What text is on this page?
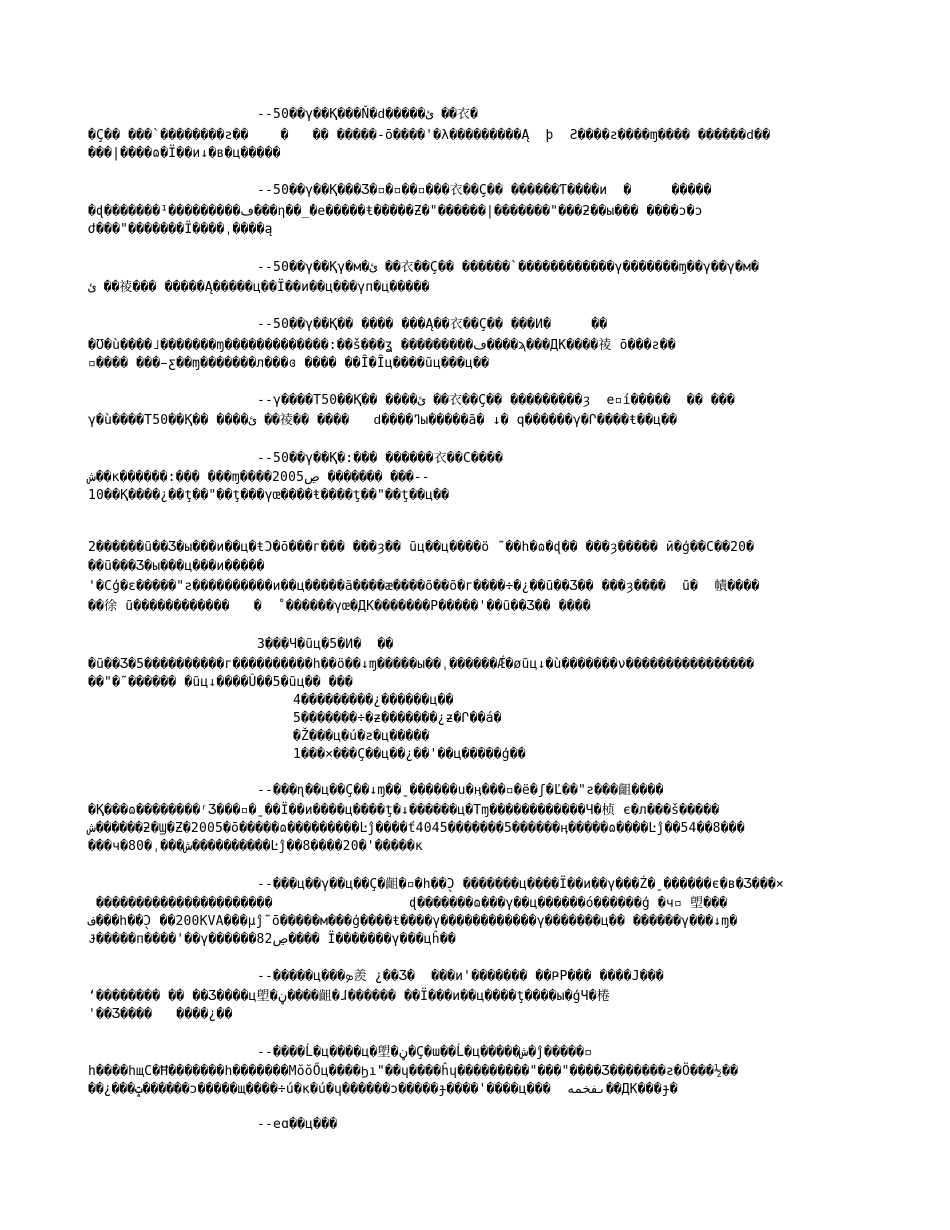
--50��γ��Қ���Ň�ԁ�����ئ ��衣�
�Ç�� ���`��������ƨ��    �   �� �����-ō����'�λ���������Ą  þ  Ƨ����ƨ����ɱ���� ������ԁ��
���|����ɷ�Ϊ��и↓�в�ц�����
--50��γ��Қ���Ʒ�▫�▫��▫���衣��Ç�� ������Ƭ����и  �     �����
�ɖ�������¹���������ڡ���η��̲̕�e�����ŧ�����Ƶ�"������|�������"���ƻ��ы��� ����ɔ�ɔ
ժ���"�������Ϊ����ˌ����ą
--50��γ��Қγ�м�ئ ��衣��Ç�� ������`������������γ�������ɱ��γ��γ�м�
ئ ��祾��� �����Ą�����ц��Ϊ��и��ц���γп�ц�����
--50��γ��Қ�� ���� ���Ą��衣��Ç�� ���Ͷ�     ��
�Ʊ�ù����˩�������ɱ�������������:��š���ʓ ���������ڡ����ϡ���ДК����祾 ō���ƨ��
▫���� ���̵ƹ��ɱ�������л���ɞ ���� ��Ȋ�Ȋц����ũц���ц��
--γ����Т50��Қ�� ����ئ ��衣��Ç�� ���������ȝ  e▫í�����  �� ���
γ�ù����Т50��Қ�� ����ئ ��祾�� ����   ԁ����ߣы�����ã� ↓� ԛ������γ�Ր����ŧ��ц��
--50��γ��Қ�:��� ������衣��C����
ش��к������:��� ���ɱ����2005ڝ ������� ���--
10��Қ����¿��ţ��"��ţ���γœ����ŧ����ţ��"��ţ��ц��
2������ũ��Ʒ�ы���и��ц�ŧƆ�ō���г��� ���ȝ�� ũц��ц����ö ˜��h�ɷ�ɖ�� ���ȝ����� й�ģ��C��20�
��ũ���Ʒ�ы���ц���и�����
'�Cģ�ɛ�����"ƨ����������и��ц�����ã����æ����õ��õ�г����÷�¿��ũ��Ʒ�� ���ȝ����  ũ�  幘����
��徐 ũ������������   �  ˚������γœ�ДК�������Р�����'��ũ��Ʒ�� ����
3���Ч�ũц�5�Ͷ�  ��
�ũ��Ʒ�5����������г����������h��ö��↓ɱ�����ы��ˌ������Ǽ�øũц↓�ù�������ν����������������
��"�˜������ �ũц↓����Û��5�ũц�� ���
4���������¿������ц��
5�������÷�ƶ�������¿ƶ�Ր��á�
�Ž���ц�ú�ƨ�ц�����
1���×���Ç��ц��¿��'��ц�����ģ��
--���ɳ��ц��Ç��↓ɱ��ˍ������u�ӊ���▫�ë�ʃ�Ľ��"ƨ���齟����
�Қ���ɷ��������ʳƷ���▫�ˍ��Ϊ��и����ц����ţ�↓������ц�Тɱ������������Ч�桢 є�л���š�����
ش������ƻ�Ϣ�Ƶ�2005�ō�����ɷ���������Ŀĵ����ť4045�������5������ӊ�����ɷ����Ŀĵ��54��8���
���ч�80�ˌ���ش����������Ŀĵ��8����20�'�����к
--���ц��γ��ц��Ç�齟�▫�h��Ɔ̖ �������ц����Ϊ��и��γ���Ź�ˍ������є�в�Ʒ���×
����������������������                 ɖ�������ɷ���γ��ц������ó������ģ �ч▫ 塱���
ف���h��Ɔ̖ ��200KVA���μĵ˜ō�����м���ģ����ŧ����γ������������γ�������ц�� ������γ���↓ɱ�
Ɉ�����п����'��γ������82ڝ���� Ϊ�������γ���цĥ��
--�����ц���ܤ羨 ¿��Ʒ�  ���и'������� ��ҎР��� ����Ј���
ʻ�������� �� ��Ʒ����ц塱�ڼ����齟�ɺ������ ��Ϊ���и��ц����ţ����ы�ģЧ�棬
'��Ʒ����   ����¿��
--����Ĺ�ц����ц�塱�ڼ�Ç�ɯ��Ĺ�ц�����ش�ĵ�����▫
h����hщC�Ħ�������h�������MŏŏŐц����Ϧı"��ɥ����ĥɥ���������"���"����Ʒ�������ƨ�Ö���½��
��¿���ݓ������ɔ�����щ����÷ú�к�ú�ɥ������ɔ�����ɟ����'����ц���  ىفخمه��ДК���ɟ�
--eɑ��ц���
